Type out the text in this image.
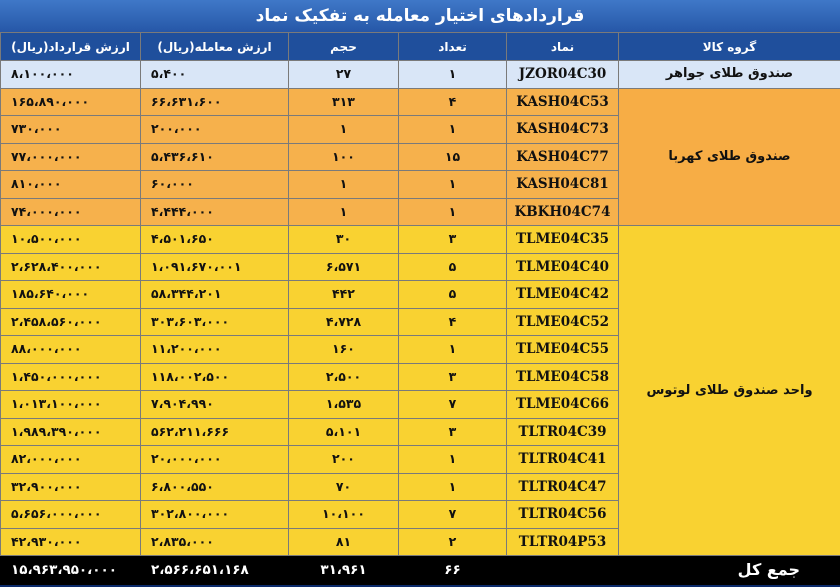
قراردادهای اختیار معامله به تفکیک نماد
گروه کالا	نماد	تعداد	حجم	ارزش معامله(ریال)	ارزش قرارداد(ریال)
صندوق طلای جواهر	JZOR04C30	۱	۲۷	۵،۴۰۰	۸،۱۰۰،۰۰۰
صندوق طلای کهربا	KASH04C53	۴	۳۱۳	۶۶،۶۳۱،۶۰۰	۱۶۵،۸۹۰،۰۰۰
	KASH04C73	۱	۱	۲۰۰،۰۰۰	۷۳۰،۰۰۰
	KASH04C77	۱۵	۱۰۰	۵،۴۳۶،۶۱۰	۷۷،۰۰۰،۰۰۰
	KASH04C81	۱	۱	۶۰،۰۰۰	۸۱۰،۰۰۰
	KBKH04C74	۱	۱	۴،۴۴۴،۰۰۰	۷۴،۰۰۰،۰۰۰
واحد صندوق طلای لوتوس	TLME04C35	۳	۳۰	۴،۵۰۱،۶۵۰	۱۰،۵۰۰،۰۰۰
	TLME04C40	۵	۶،۵۷۱	۱،۰۹۱،۶۷۰،۰۰۱	۲،۶۲۸،۴۰۰،۰۰۰
	TLME04C42	۵	۴۴۲	۵۸،۳۴۴،۲۰۱	۱۸۵،۶۴۰،۰۰۰
	TLME04C52	۴	۴،۷۲۸	۳۰۳،۶۰۳،۰۰۰	۲،۴۵۸،۵۶۰،۰۰۰
	TLME04C55	۱	۱۶۰	۱۱،۲۰۰،۰۰۰	۸۸،۰۰۰،۰۰۰
	TLME04C58	۳	۲،۵۰۰	۱۱۸،۰۰۲،۵۰۰	۱،۴۵۰،۰۰۰،۰۰۰
	TLME04C66	۷	۱،۵۳۵	۷،۹۰۴،۹۹۰	۱،۰۱۳،۱۰۰،۰۰۰
	TLTR04C39	۳	۵،۱۰۱	۵۶۲،۲۱۱،۶۶۶	۱،۹۸۹،۳۹۰،۰۰۰
	TLTR04C41	۱	۲۰۰	۲۰،۰۰۰،۰۰۰	۸۲،۰۰۰،۰۰۰
	TLTR04C47	۱	۷۰	۶،۸۰۰،۵۵۰	۳۲،۹۰۰،۰۰۰
	TLTR04C56	۷	۱۰،۱۰۰	۳۰۲،۸۰۰،۰۰۰	۵،۶۵۶،۰۰۰،۰۰۰
	TLTR04P53	۲	۸۱	۲،۸۳۵،۰۰۰	۴۲،۹۳۰،۰۰۰
جمع کل		۶۶	۳۱،۹۶۱	۲،۵۶۶،۶۵۱،۱۶۸	۱۵،۹۶۳،۹۵۰،۰۰۰
